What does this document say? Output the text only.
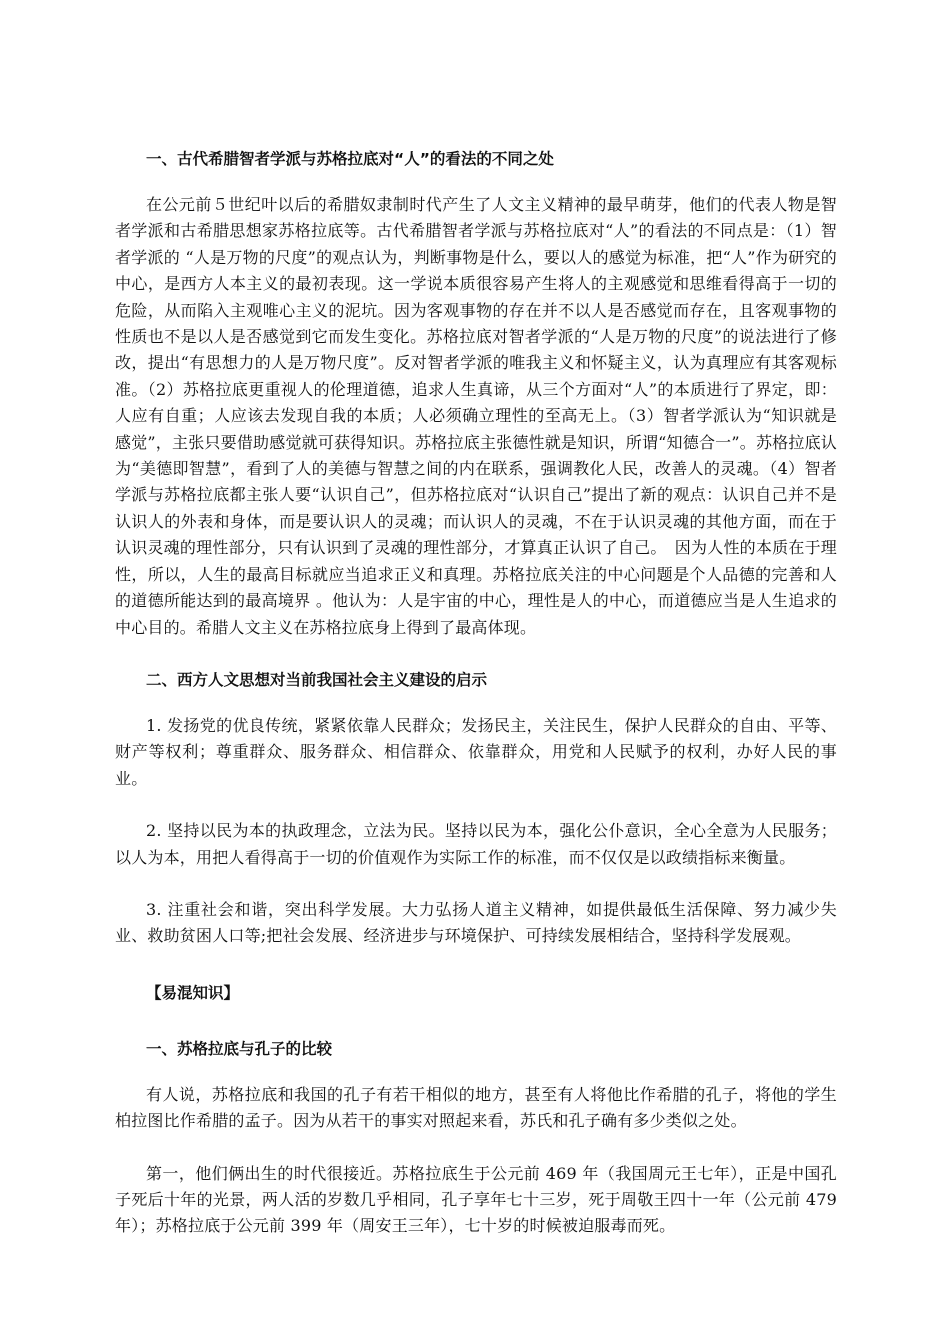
一、古代希腊智者学派与苏格拉底对“人”的看法的不同之处

在公元前５世纪叶以后的希腊奴隶制时代产生了人文主义精神的最早萌芽，他们的代表人物是智者学派和古希腊思想家苏格拉底等。古代希腊智者学派与苏格拉底对“人”的看法的不同点是：（1）智者学派的 “人是万物的尺度”的观点认为，判断事物是什么，要以人的感觉为标准，把“人”作为研究的中心，是西方人本主义的最初表现。这一学说本质很容易产生将人的主观感觉和思维看得高于一切的危险，从而陷入主观唯心主义的泥坑。因为客观事物的存在并不以人是否感觉而存在，且客观事物的性质也不是以人是否感觉到它而发生变化。苏格拉底对智者学派的“人是万物的尺度”的说法进行了修改，提出“有思想力的人是万物尺度”。反对智者学派的唯我主义和怀疑主义，认为真理应有其客观标准。（2）苏格拉底更重视人的伦理道德，追求人生真谛，从三个方面对“人”的本质进行了界定，即：人应有自重；人应该去发现自我的本质；人必须确立理性的至高无上。（3）智者学派认为“知识就是感觉”，主张只要借助感觉就可获得知识。苏格拉底主张德性就是知识，所谓“知德合一”。苏格拉底认为“美德即智慧”，看到了人的美德与智慧之间的内在联系，强调教化人民，改善人的灵魂。（4）智者学派与苏格拉底都主张人要“认识自己”，但苏格拉底对“认识自己”提出了新的观点：认识自己并不是认识人的外表和身体，而是要认识人的灵魂；而认识人的灵魂，不在于认识灵魂的其他方面，而在于认识灵魂的理性部分，只有认识到了灵魂的理性部分，才算真正认识了自己。　因为人性的本质在于理性，所以，人生的最高目标就应当追求正义和真理。苏格拉底关注的中心问题是个人品德的完善和人的道德所能达到的最高境界 。他认为：人是宇宙的中心，理性是人的中心，而道德应当是人生追求的中心目的。希腊人文主义在苏格拉底身上得到了最高体现。

二、西方人文思想对当前我国社会主义建设的启示

1. 发扬党的优良传统，紧紧依靠人民群众；发扬民主，关注民生，保护人民群众的自由、平等、财产等权利；尊重群众、服务群众、相信群众、依靠群众，用党和人民赋予的权利，办好人民的事业。

2. 坚持以民为本的执政理念，立法为民。坚持以民为本，强化公仆意识，全心全意为人民服务；以人为本，用把人看得高于一切的价值观作为实际工作的标准，而不仅仅是以政绩指标来衡量。

3. 注重社会和谐，突出科学发展。大力弘扬人道主义精神，如提供最低生活保障、努力减少失业、救助贫困人口等;把社会发展、经济进步与环境保护、可持续发展相结合，坚持科学发展观。

【易混知识】

一、苏格拉底与孔子的比较

有人说，苏格拉底和我国的孔子有若干相似的地方，甚至有人将他比作希腊的孔子，将他的学生柏拉图比作希腊的孟子。因为从若干的事实对照起来看，苏氏和孔子确有多少类似之处。

第一，他们俩出生的时代很接近。苏格拉底生于公元前 469 年（我国周元王七年），正是中国孔子死后十年的光景，两人活的岁数几乎相同，孔子享年七十三岁，死于周敬王四十一年（公元前 479 年）；苏格拉底于公元前 399 年（周安王三年），七十岁的时候被迫服毒而死。
